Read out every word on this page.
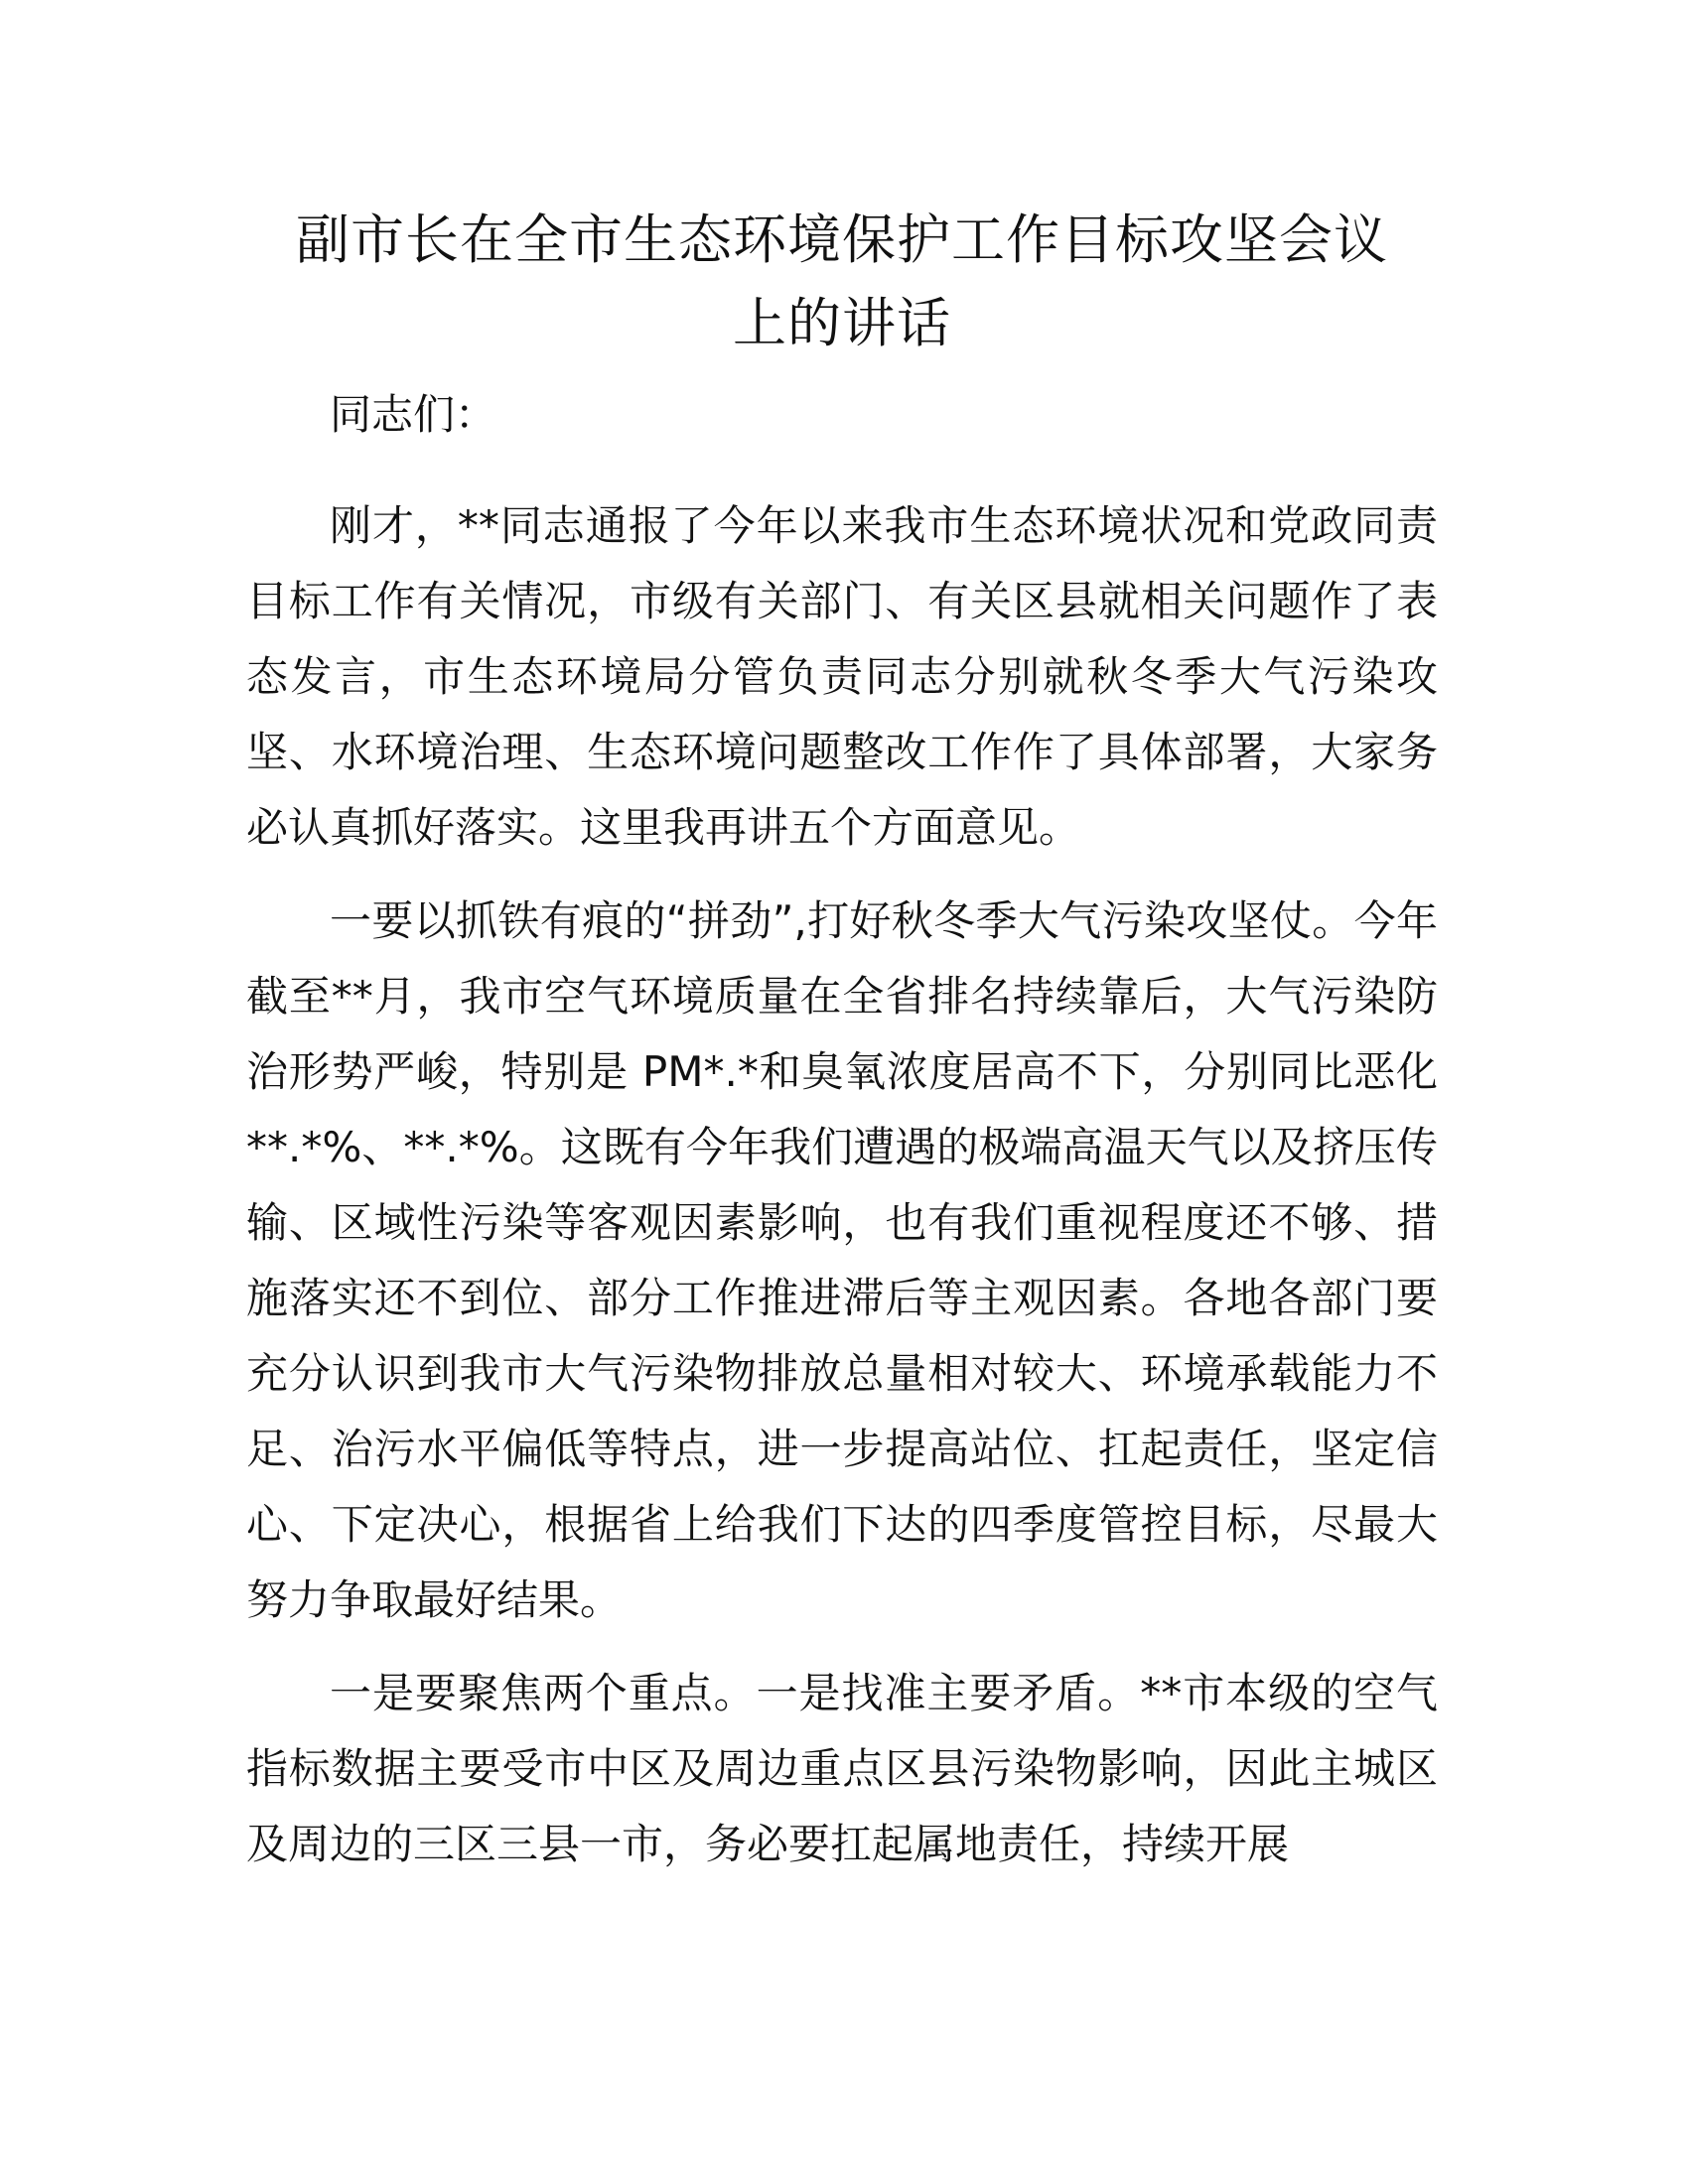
副市长在全市生态环境保护工作目标攻坚会议
上的讲话

同志们：

刚才，**同志通报了今年以来我市生态环境状况和党政同责目标工作有关情况，市级有关部门、有关区县就相关问题作了表态发言，市生态环境局分管负责同志分别就秋冬季大气污染攻坚、水环境治理、生态环境问题整改工作作了具体部署，大家务必认真抓好落实。这里我再讲五个方面意见。

一要以抓铁有痕的“拼劲”,打好秋冬季大气污染攻坚仗。今年截至**月，我市空气环境质量在全省排名持续靠后，大气污染防治形势严峻，特别是 PM*.*和臭氧浓度居高不下，分别同比恶化**.*%、**.*%。这既有今年我们遭遇的极端高温天气以及挤压传输、区域性污染等客观因素影响，也有我们重视程度还不够、措施落实还不到位、部分工作推进滞后等主观因素。各地各部门要充分认识到我市大气污染物排放总量相对较大、环境承载能力不足、治污水平偏低等特点，进一步提高站位、扛起责任，坚定信心、下定决心，根据省上给我们下达的四季度管控目标，尽最大努力争取最好结果。

一是要聚焦两个重点。一是找准主要矛盾。**市本级的空气指标数据主要受市中区及周边重点区县污染物影响，因此主城区及周边的三区三县一市，务必要扛起属地责任，持续开展
